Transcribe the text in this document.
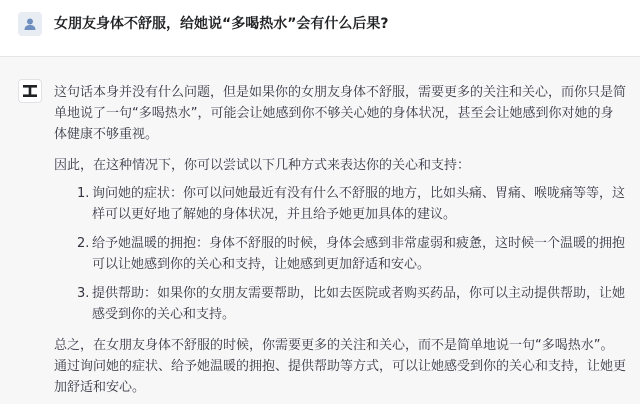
女朋友身体不舒服，给她说“多喝热水”会有什么后果?

这句话本身并没有什么问题，但是如果你的女朋友身体不舒服，需要更多的关注和关心，而你只是简单地说了一句“多喝热水”，可能会让她感到你不够关心她的身体状况，甚至会让她感到你对她的身体健康不够重视。

因此，在这种情况下，你可以尝试以下几种方式来表达你的关心和支持：

1. 询问她的症状：你可以问她最近有没有什么不舒服的地方，比如头痛、胃痛、喉咙痛等等，这样可以更好地了解她的身体状况，并且给予她更加具体的建议。
2. 给予她温暖的拥抱：身体不舒服的时候，身体会感到非常虚弱和疲惫，这时候一个温暖的拥抱可以让她感到你的关心和支持，让她感到更加舒适和安心。
3. 提供帮助：如果你的女朋友需要帮助，比如去医院或者购买药品，你可以主动提供帮助，让她感受到你的关心和支持。

总之，在女朋友身体不舒服的时候，你需要更多的关注和关心，而不是简单地说一句“多喝热水”。通过询问她的症状、给予她温暖的拥抱、提供帮助等方式，可以让她感受到你的关心和支持，让她更加舒适和安心。
